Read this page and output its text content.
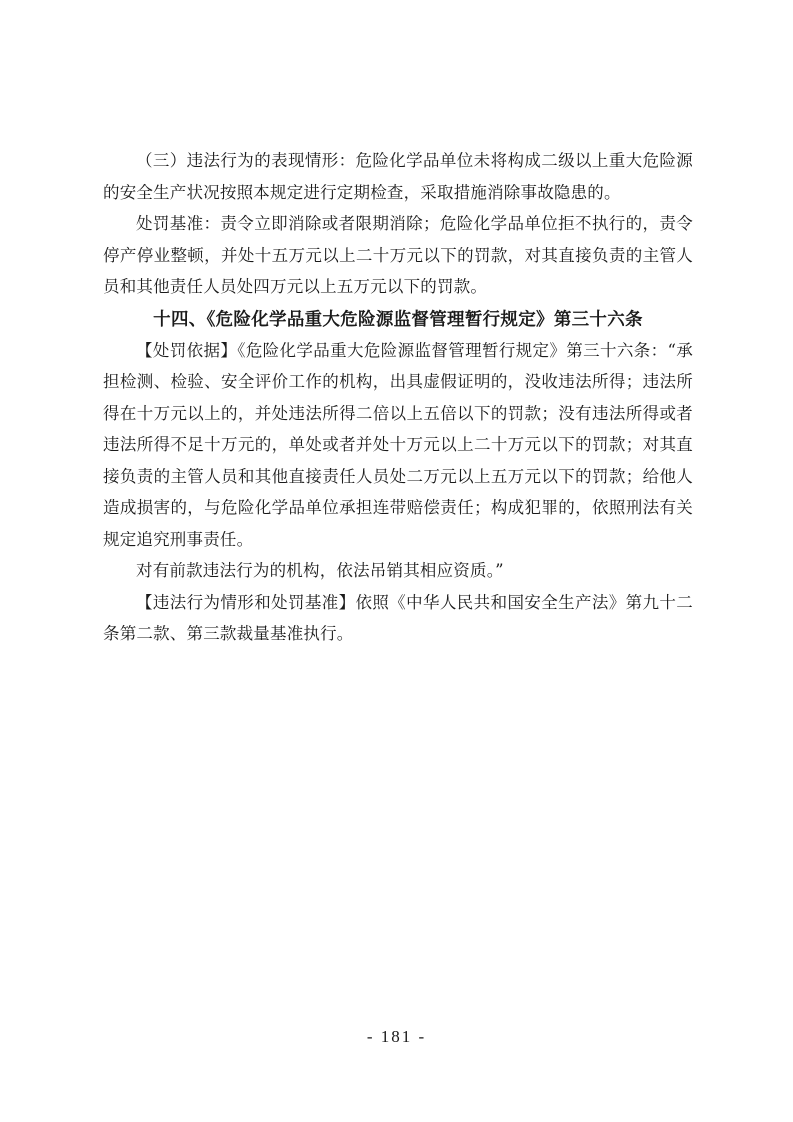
（三）违法行为的表现情形：危险化学品单位未将构成二级以上重大危险源的安全生产状况按照本规定进行定期检查，采取措施消除事故隐患的。

处罚基准：责令立即消除或者限期消除；危险化学品单位拒不执行的，责令停产停业整顿，并处十五万元以上二十万元以下的罚款，对其直接负责的主管人员和其他责任人员处四万元以上五万元以下的罚款。

十四、《危险化学品重大危险源监督管理暂行规定》第三十六条

【处罚依据】《危险化学品重大危险源监督管理暂行规定》第三十六条：“承担检测、检验、安全评价工作的机构，出具虚假证明的，没收违法所得；违法所得在十万元以上的，并处违法所得二倍以上五倍以下的罚款；没有违法所得或者违法所得不足十万元的，单处或者并处十万元以上二十万元以下的罚款；对其直接负责的主管人员和其他直接责任人员处二万元以上五万元以下的罚款；给他人造成损害的，与危险化学品单位承担连带赔偿责任；构成犯罪的，依照刑法有关规定追究刑事责任。

对有前款违法行为的机构，依法吊销其相应资质。”

【违法行为情形和处罚基准】依照《中华人民共和国安全生产法》第九十二条第二款、第三款裁量基准执行。

- 181 -
